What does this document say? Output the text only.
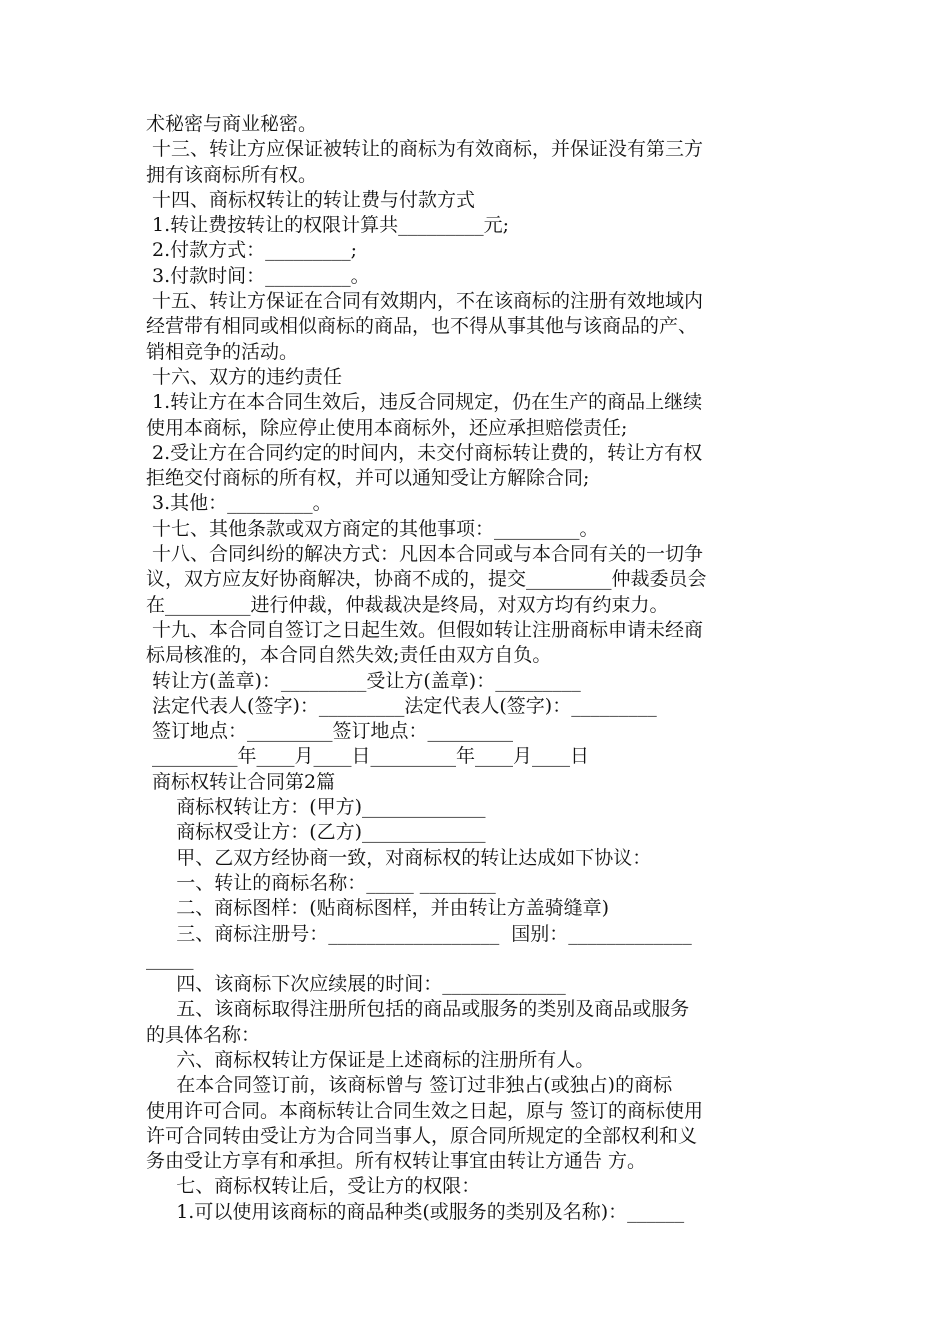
术秘密与商业秘密。
十三、转让方应保证被转让的商标为有效商标，并保证没有第三方
拥有该商标所有权。
十四、商标权转让的转让费与付款方式
1.转让费按转让的权限计算共_________元;
2.付款方式：_________;
3.付款时间：_________。
十五、转让方保证在合同有效期内，不在该商标的注册有效地域内
经营带有相同或相似商标的商品，也不得从事其他与该商品的产、
销相竞争的活动。
十六、双方的违约责任
1.转让方在本合同生效后，违反合同规定，仍在生产的商品上继续
使用本商标，除应停止使用本商标外，还应承担赔偿责任;
2.受让方在合同约定的时间内，未交付商标转让费的，转让方有权
拒绝交付商标的所有权，并可以通知受让方解除合同;
3.其他：_________。
十七、其他条款或双方商定的其他事项：_________。
十八、合同纠纷的解决方式：凡因本合同或与本合同有关的一切争
议，双方应友好协商解决，协商不成的，提交_________仲裁委员会
在_________进行仲裁，仲裁裁决是终局，对双方均有约束力。
十九、本合同自签订之日起生效。但假如转让注册商标申请未经商
标局核准的，本合同自然失效;责任由双方自负。
转让方(盖章)：_________受让方(盖章)：_________
法定代表人(签字)：_________法定代表人(签字)：_________
签订地点：_________签订地点：_________
_________年____月____日_________年____月____日
商标权转让合同第2篇
商标权转让方：(甲方)_____________
商标权受让方：(乙方)_____________
甲、乙双方经协商一致，对商标权的转让达成如下协议：
一、转让的商标名称：_____ ________
二、商标图样：(贴商标图样，并由转让方盖骑缝章)
三、商标注册号：__________________  国别：_____________
_____
四、该商标下次应续展的时间：_____________
五、该商标取得注册所包括的商品或服务的类别及商品或服务
的具体名称：
六、商标权转让方保证是上述商标的注册所有人。
在本合同签订前，该商标曾与 签订过非独占(或独占)的商标
使用许可合同。本商标转让合同生效之日起，原与 签订的商标使用
许可合同转由受让方为合同当事人，原合同所规定的全部权利和义
务由受让方享有和承担。所有权转让事宜由转让方通告 方。
七、商标权转让后，受让方的权限：
1.可以使用该商标的商品种类(或服务的类别及名称)：______
